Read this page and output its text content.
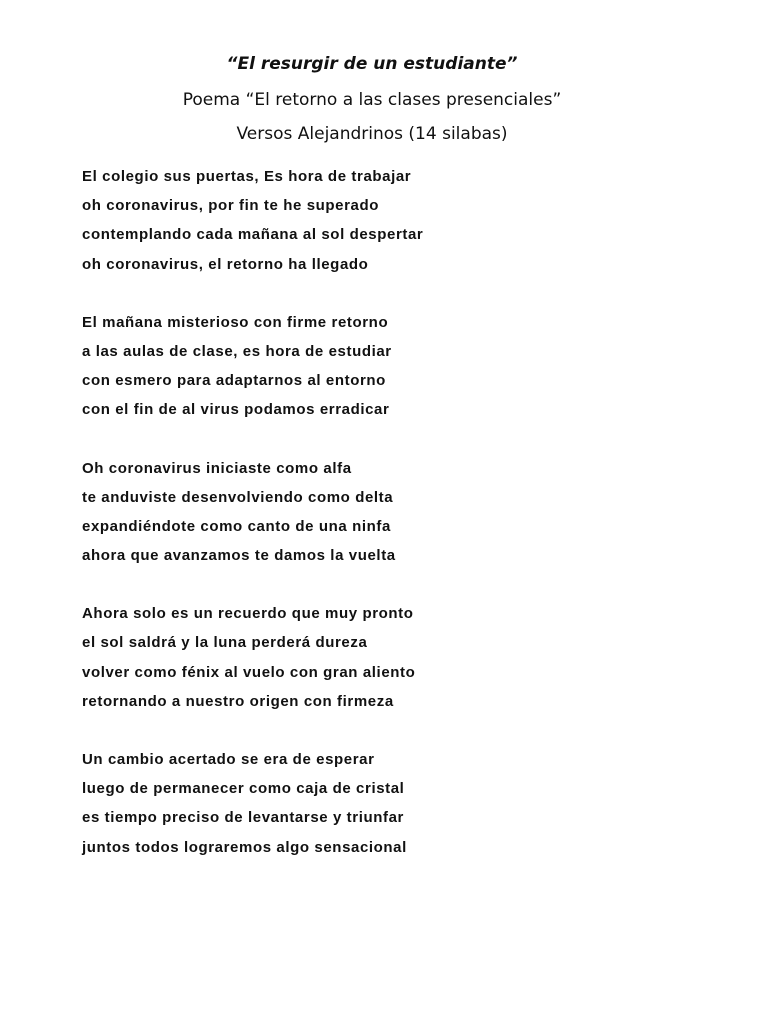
“El resurgir de un estudiante”
Poema “El retorno a las clases presenciales”
Versos Alejandrinos (14 silabas)
El colegio sus puertas, Es hora de trabajar
oh coronavirus, por fin te he superado
contemplando cada mañana al sol despertar
oh coronavirus, el retorno ha llegado
El mañana misterioso con firme retorno
a las aulas de clase, es hora de estudiar
con esmero para adaptarnos al entorno
con el fin de al virus podamos erradicar
Oh coronavirus iniciaste como alfa
te anduviste desenvolviendo como delta
expandiéndote como canto de una ninfa
ahora que avanzamos te damos la vuelta
Ahora solo es un recuerdo que muy pronto
el sol saldrá y la luna perderá dureza
volver como fénix al vuelo con gran aliento
retornando a nuestro origen con firmeza
Un cambio acertado se era de esperar
luego de permanecer como caja de cristal
es tiempo preciso de levantarse y triunfar
juntos todos lograremos algo sensacional
